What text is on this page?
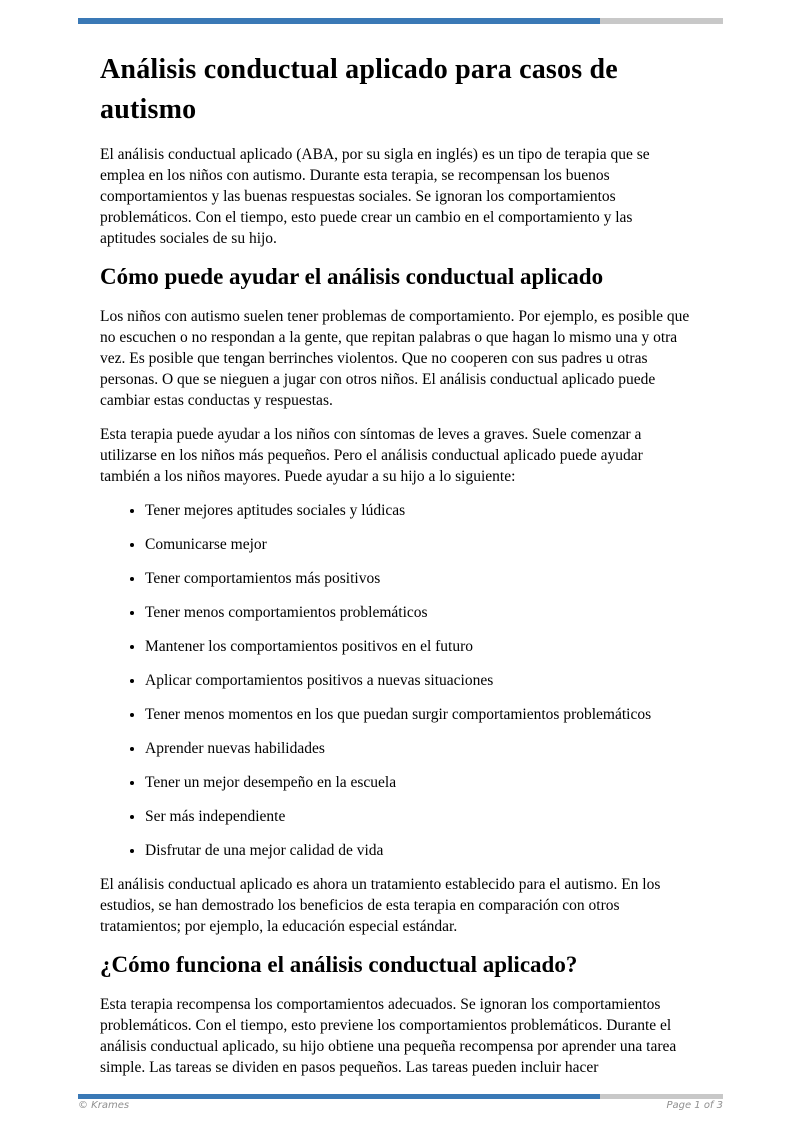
Análisis conductual aplicado para casos de autismo

El análisis conductual aplicado (ABA, por su sigla en inglés) es un tipo de terapia que se emplea en los niños con autismo. Durante esta terapia, se recompensan los buenos comportamientos y las buenas respuestas sociales. Se ignoran los comportamientos problemáticos. Con el tiempo, esto puede crear un cambio en el comportamiento y las aptitudes sociales de su hijo.

Cómo puede ayudar el análisis conductual aplicado

Los niños con autismo suelen tener problemas de comportamiento. Por ejemplo, es posible que no escuchen o no respondan a la gente, que repitan palabras o que hagan lo mismo una y otra vez. Es posible que tengan berrinches violentos. Que no cooperen con sus padres u otras personas. O que se nieguen a jugar con otros niños. El análisis conductual aplicado puede cambiar estas conductas y respuestas.

Esta terapia puede ayudar a los niños con síntomas de leves a graves. Suele comenzar a utilizarse en los niños más pequeños. Pero el análisis conductual aplicado puede ayudar también a los niños mayores. Puede ayudar a su hijo a lo siguiente:

• Tener mejores aptitudes sociales y lúdicas
• Comunicarse mejor
• Tener comportamientos más positivos
• Tener menos comportamientos problemáticos
• Mantener los comportamientos positivos en el futuro
• Aplicar comportamientos positivos a nuevas situaciones
• Tener menos momentos en los que puedan surgir comportamientos problemáticos
• Aprender nuevas habilidades
• Tener un mejor desempeño en la escuela
• Ser más independiente
• Disfrutar de una mejor calidad de vida

El análisis conductual aplicado es ahora un tratamiento establecido para el autismo. En los estudios, se han demostrado los beneficios de esta terapia en comparación con otros tratamientos; por ejemplo, la educación especial estándar.

¿Cómo funciona el análisis conductual aplicado?

Esta terapia recompensa los comportamientos adecuados. Se ignoran los comportamientos problemáticos. Con el tiempo, esto previene los comportamientos problemáticos. Durante el análisis conductual aplicado, su hijo obtiene una pequeña recompensa por aprender una tarea simple. Las tareas se dividen en pasos pequeños. Las tareas pueden incluir hacer

© Krames	Page 1 of 3
